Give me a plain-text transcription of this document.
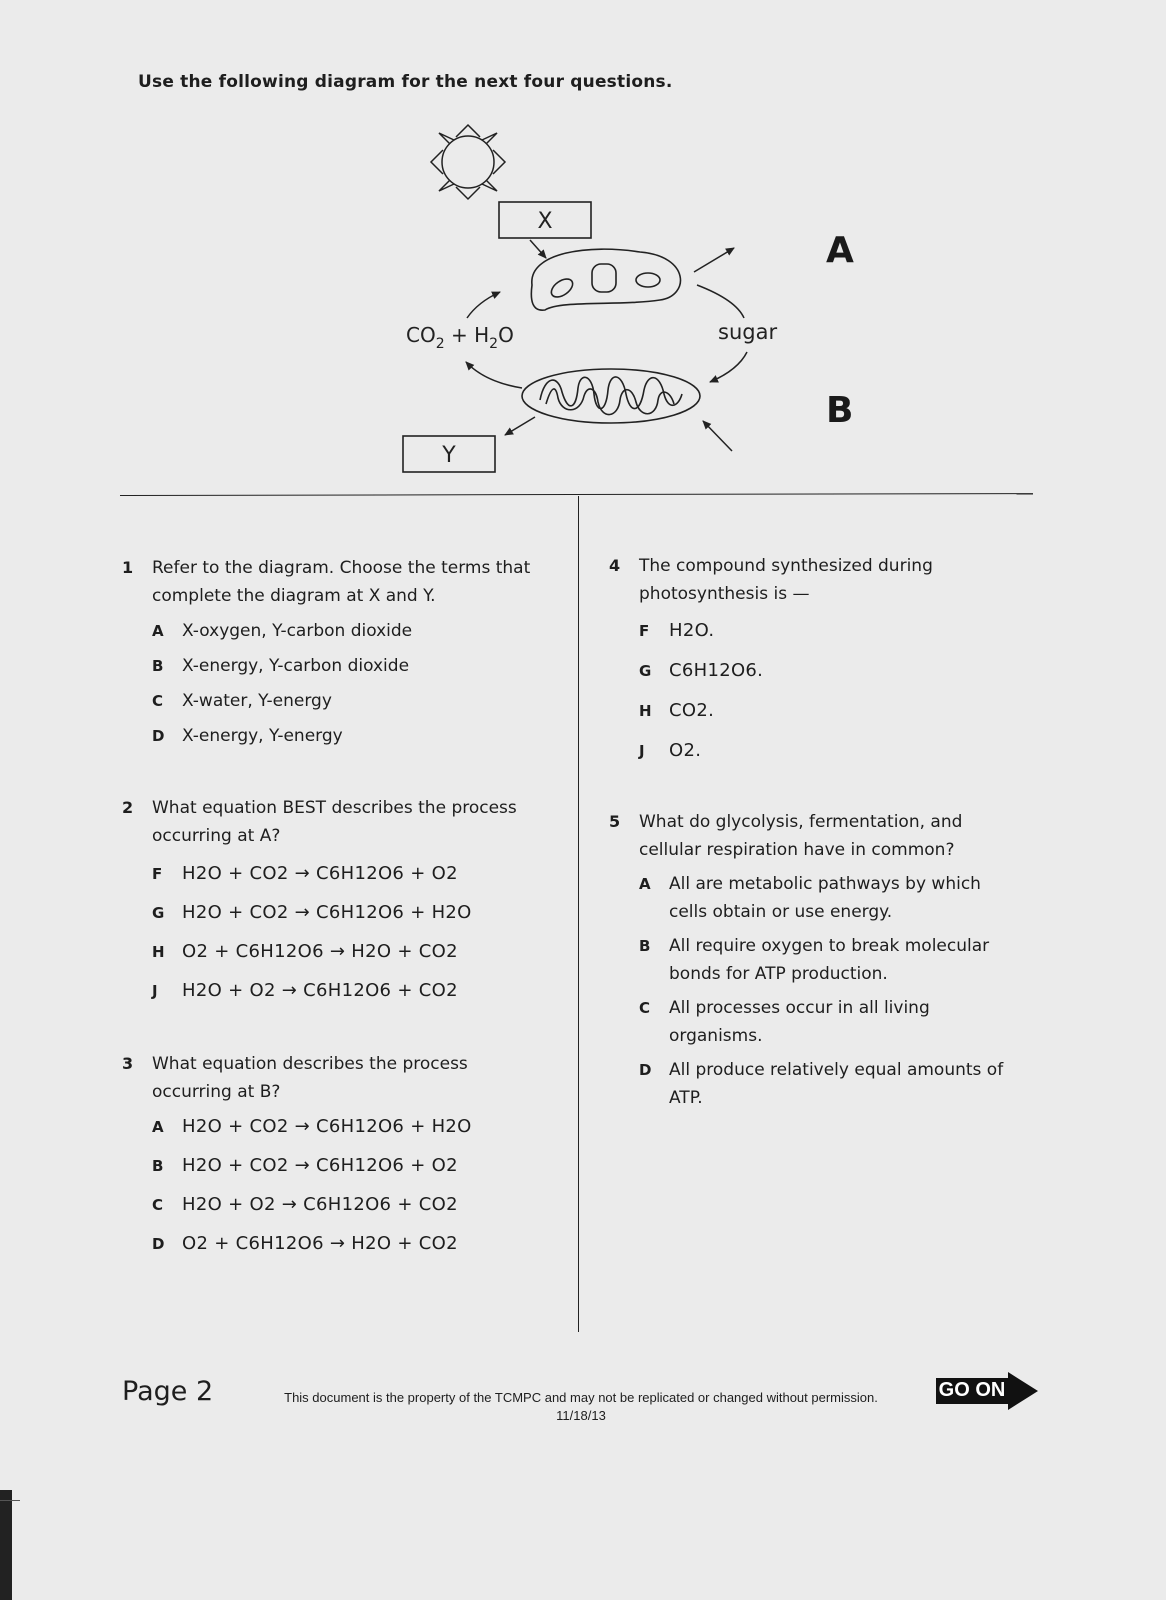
Use the following diagram for the next four questions.
X
$CO_2 + H_2O$	sugar
A
B
Y
1 Refer to the diagram. Choose the terms that complete the diagram at X and Y.
A X-oxygen, Y-carbon dioxide
B X-energy, Y-carbon dioxide
C X-water, Y-energy
D X-energy, Y-energy
2 What equation BEST describes the process occurring at A?
F H2O + CO2 → C6H12O6 + O2
G H2O + CO2 → C6H12O6 + H2O
H O2 + C6H12O6 → H2O + CO2
J H2O + O2 → C6H12O6 + CO2
3 What equation describes the process occurring at B?
A H2O + CO2 → C6H12O6 + H2O
B H2O + CO2 → C6H12O6 + O2
C H2O + O2 → C6H12O6 + CO2
D O2 + C6H12O6 → H2O + CO2
4 The compound synthesized during photosynthesis is —
F H2O.
G C6H12O6.
H CO2.
J O2.
5 What do glycolysis, fermentation, and cellular respiration have in common?
A All are metabolic pathways by which cells obtain or use energy.
B All require oxygen to break molecular bonds for ATP production.
C All processes occur in all living organisms.
D All produce relatively equal amounts of ATP.
Page 2	This document is the property of the TCMPC and may not be replicated or changed without permission.
11/18/13
GO ON
